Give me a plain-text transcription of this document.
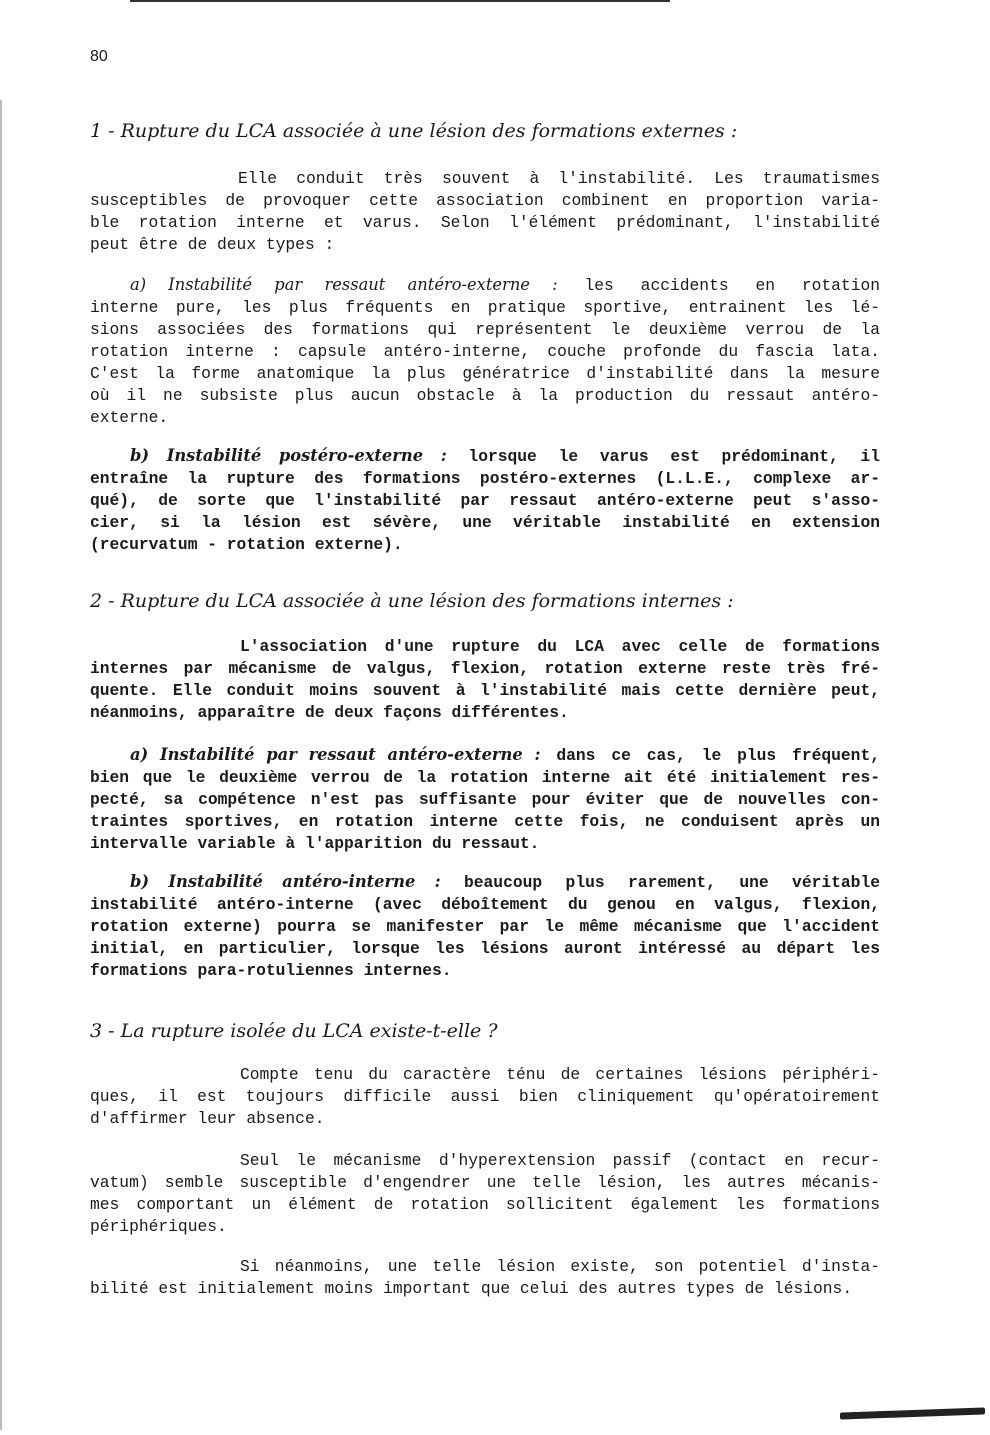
80
1 - Rupture du LCA associée à une lésion des formations externes :
Elle conduit très souvent à l'instabilité. Les traumatismes
susceptibles de provoquer cette association combinent en proportion varia-
ble rotation interne et varus. Selon l'élément prédominant, l'instabilité
peut être de deux types :
a) Instabilité par ressaut antéro-externe : les accidents en rotation
interne pure, les plus fréquents en pratique sportive, entrainent les lé-
sions associées des formations qui représentent le deuxième verrou de la
rotation interne : capsule antéro-interne, couche profonde du fascia lata.
C'est la forme anatomique la plus génératrice d'instabilité dans la mesure
où il ne subsiste plus aucun obstacle à la production du ressaut antéro-
externe.
b) Instabilité postéro-externe : lorsque le varus est prédominant, il
entraîne la rupture des formations postéro-externes (L.L.E., complexe ar-
qué), de sorte que l'instabilité par ressaut antéro-externe peut s'asso-
cier, si la lésion est sévère, une véritable instabilité en extension
(recurvatum - rotation externe).
2 - Rupture du LCA associée à une lésion des formations internes :
L'association d'une rupture du LCA avec celle de formations
internes par mécanisme de valgus, flexion, rotation externe reste très fré-
quente. Elle conduit moins souvent à l'instabilité mais cette dernière peut,
néanmoins, apparaître de deux façons différentes.
a) Instabilité par ressaut antéro-externe : dans ce cas, le plus fréquent,
bien que le deuxième verrou de la rotation interne ait été initialement res-
pecté, sa compétence n'est pas suffisante pour éviter que de nouvelles con-
traintes sportives, en rotation interne cette fois, ne conduisent après un
intervalle variable à l'apparition du ressaut.
b) Instabilité antéro-interne : beaucoup plus rarement, une véritable
instabilité antéro-interne (avec déboîtement du genou en valgus, flexion,
rotation externe) pourra se manifester par le même mécanisme que l'accident
initial, en particulier, lorsque les lésions auront intéressé au départ les
formations para-rotuliennes internes.
3 - La rupture isolée du LCA existe-t-elle ?
Compte tenu du caractère ténu de certaines lésions périphéri-
ques, il est toujours difficile aussi bien cliniquement qu'opératoirement
d'affirmer leur absence.
Seul le mécanisme d'hyperextension passif (contact en recur-
vatum) semble susceptible d'engendrer une telle lésion, les autres mécanis-
mes comportant un élément de rotation sollicitent également les formations
périphériques.
Si néanmoins, une telle lésion existe, son potentiel d'insta-
bilité est initialement moins important que celui des autres types de lésions.
